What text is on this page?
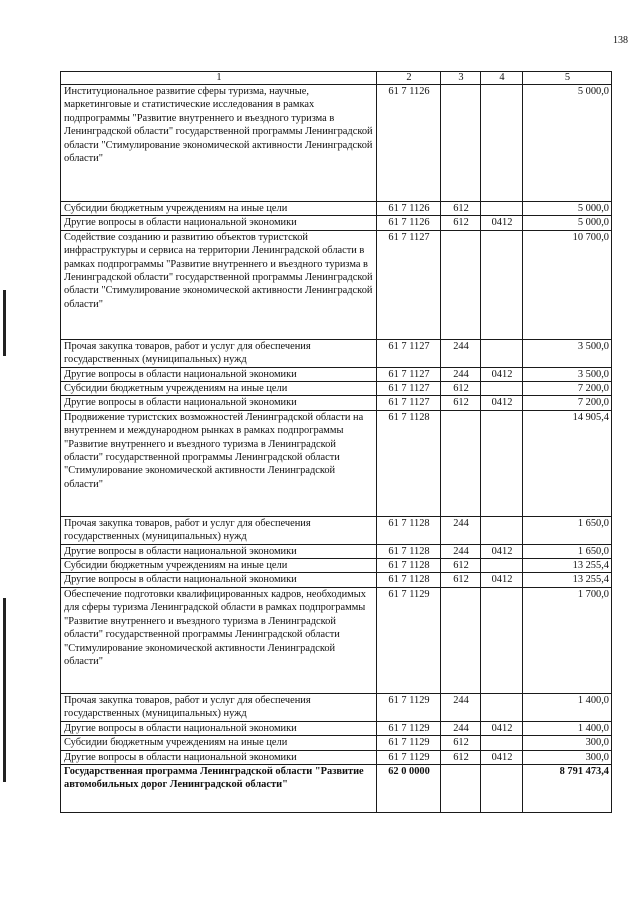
138
1	2	3	4	5
Институциональное развитие сферы туризма, научные, маркетинговые и статистические исследования в рамках подпрограммы "Развитие внутреннего и въездного туризма в Ленинградской области" государственной программы Ленинградской области "Стимулирование экономической активности Ленинградской области"	61 7 1126			5 000,0
Субсидии бюджетным учреждениям на иные цели	61 7 1126	612		5 000,0
Другие вопросы в области национальной экономики	61 7 1126	612	0412	5 000,0
Содействие созданию и развитию объектов туристской инфраструктуры и сервиса на территории Ленинградской области в рамках подпрограммы "Развитие внутреннего и въездного туризма в Ленинградской области" государственной программы Ленинградской области "Стимулирование экономической активности Ленинградской области"	61 7 1127			10 700,0
Прочая закупка товаров, работ и услуг для обеспечения государственных (муниципальных) нужд	61 7 1127	244		3 500,0
Другие вопросы в области национальной экономики	61 7 1127	244	0412	3 500,0
Субсидии бюджетным учреждениям на иные цели	61 7 1127	612		7 200,0
Другие вопросы в области национальной экономики	61 7 1127	612	0412	7 200,0
Продвижение туристских возможностей Ленинградской области на внутреннем и международном рынках в рамках подпрограммы "Развитие внутреннего и въездного туризма в Ленинградской области" государственной программы Ленинградской области "Стимулирование экономической активности Ленинградской области"	61 7 1128			14 905,4
Прочая закупка товаров, работ и услуг для обеспечения государственных (муниципальных) нужд	61 7 1128	244		1 650,0
Другие вопросы в области национальной экономики	61 7 1128	244	0412	1 650,0
Субсидии бюджетным учреждениям на иные цели	61 7 1128	612		13 255,4
Другие вопросы в области национальной экономики	61 7 1128	612	0412	13 255,4
Обеспечение подготовки квалифицированных кадров, необходимых для сферы туризма Ленинградской области в рамках подпрограммы "Развитие внутреннего и въездного туризма в Ленинградской области" государственной программы Ленинградской области "Стимулирование экономической активности Ленинградской области"	61 7 1129			1 700,0
Прочая закупка товаров, работ и услуг для обеспечения государственных (муниципальных) нужд	61 7 1129	244		1 400,0
Другие вопросы в области национальной экономики	61 7 1129	244	0412	1 400,0
Субсидии бюджетным учреждениям на иные цели	61 7 1129	612		300,0
Другие вопросы в области национальной экономики	61 7 1129	612	0412	300,0
Государственная программа Ленинградской области "Развитие автомобильных дорог Ленинградской области"	62 0 0000			8 791 473,4
